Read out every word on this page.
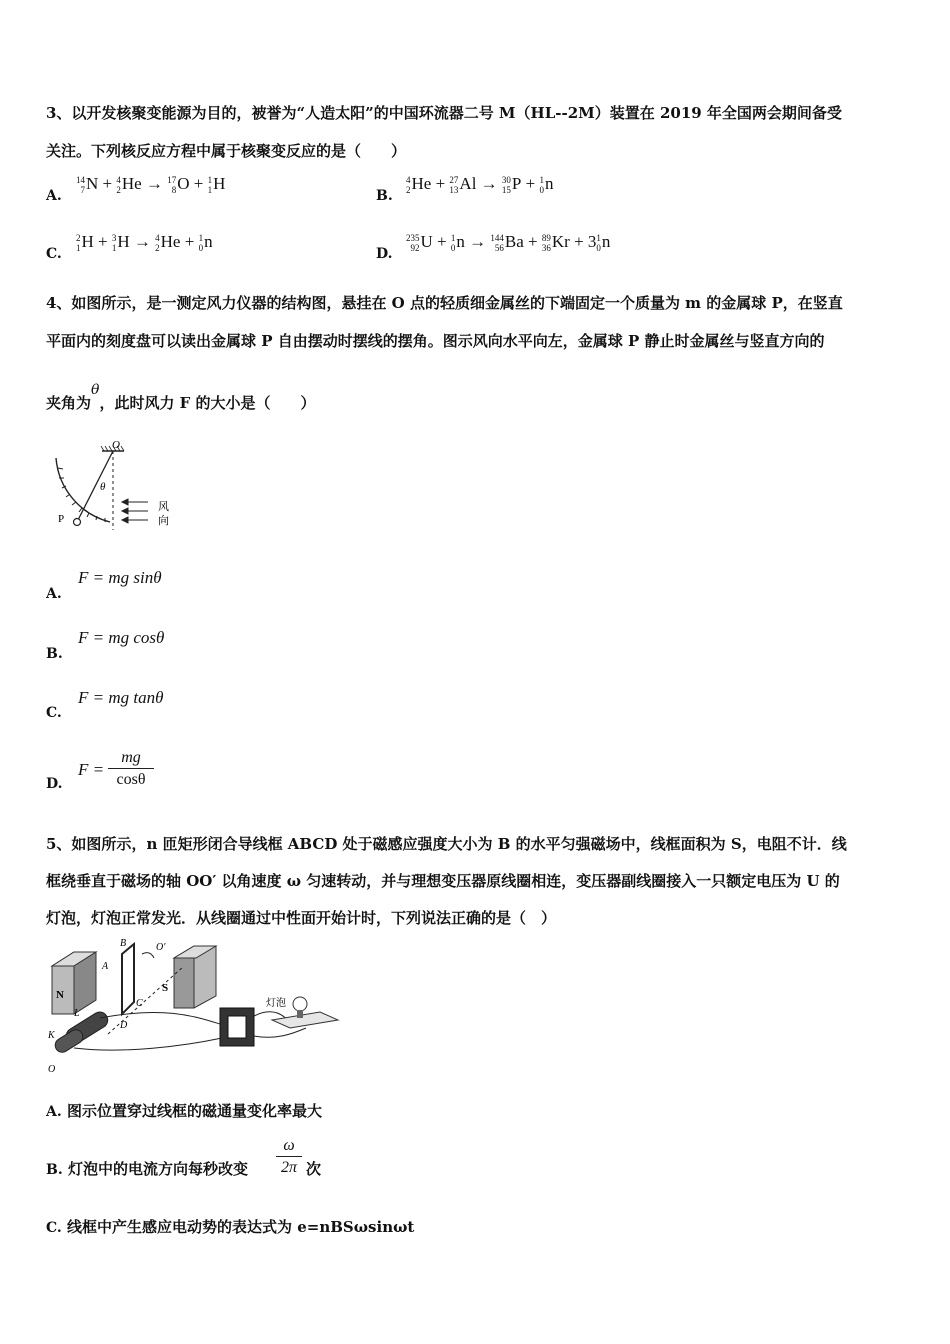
3、以开发核聚变能源为目的，被誉为“人造太阳”的中国环流器二号 M（HL--2M）装置在 2019 年全国两会期间备受
关注。下列核反应方程中属于核聚变反应的是（　　）
A.
14
7N + 4
2He → 17
8O + 1
1H
B.
4
2He + 27
13Al → 30
15P + 1
0n
C.
2
1H + 3
1H → 4
2He + 1
0n
D.
235
92U + 1
0n → 144
56Ba + 89
36Kr + 31
0n
4、如图所示，是一测定风力仪器的结构图，悬挂在 O 点的轻质细金属丝的下端固定一个质量为 m 的金属球 P，在竖直
平面内的刻度盘可以读出金属球 P 自由摆动时摆线的摆角。图示风向水平向左，金属球 P 静止时金属丝与竖直方向的
夹角为θ，此时风力 F 的大小是（　　）
O
θ
P
风
向
A.
F = mg sinθ
B.
F = mg cosθ
C.
F = mg tanθ
D.
$F = \frac{mg}{\cos\theta}$
5、如图所示，n 匝矩形闭合导线框 ABCD 处于磁感应强度大小为 B 的水平匀强磁场中，线框面积为 S，电阻不计．线
框绕垂直于磁场的轴 OO′ 以角速度 ω 匀速转动，并与理想变压器原线圈相连，变压器副线圈接入一只额定电压为 U 的
灯泡，灯泡正常发光．从线圈通过中性面开始计时，下列说法正确的是（　）
N
S
B
A
C
D
O′
L
K
O
灯泡
A. 图示位置穿过线框的磁通量变化率最大
B. 灯泡中的电流方向每秒改变 $\frac{\omega}{2\pi}$ 次
C. 线框中产生感应电动势的表达式为 e=nBSωsinωt
